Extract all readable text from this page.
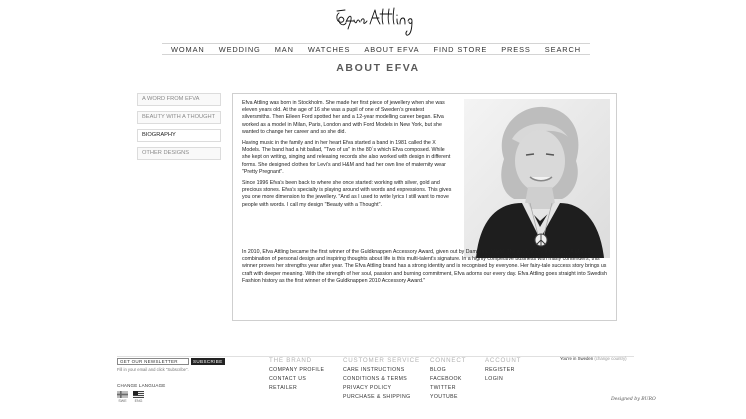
WOMAN WEDDING MAN WATCHES ABOUT EFVA FIND STORE PRESS SEARCH
ABOUT EFVA
A WORD FROM EFVA
BEAUTY WITH A THOUGHT
BIOGRAPHY
OTHER DESIGNS

Efva Attling was born in Stockholm. She made her first piece of jewellery when she was eleven years old. At the age of 16 she was a pupil of one of Sweden’s greatest silversmiths. Then Eileen Ford spotted her and a 12-year modelling career began. Efva worked as a model in Milan, Paris, London and with Ford Models in New York, but she wanted to change her career and so she did.

Having music in the family and in her heart Efva started a band in 1981 called the X Models. The band had a hit ballad, "Two of us" in the 80´s which Efva composed. While she kept on writing, singing and releasing records she also worked with design in different forms. She designed clothes for Levi’s and H&M and had her own line of maternity wear "Pretty Pregnant".

Since 1996 Efva’s been back to where she once started: working with silver, gold and precious stones. Efva’s specialty is playing around with words and expressions. This gives you one more dimension to the jewellery. "And as I used to write lyrics I still want to move people with words. I call my design "Beauty with a Thought".

In 2010, Efva Attling became the first winner of the Guldknappen Accessory Award, given out by Damernas Värld. The jury’s motivation was: "A glorious combination of personal design and inspiring thoughts about life is this multi-talent’s signature. In a highly competitive business with many contenders, this winner proves her strengths year after year. The Efva Attling brand has a strong identity and is recognised by everyone. Her fairy-tale success story brings us craft with deeper meaning. With the strength of her soul, passion and burning commitment, Efva adorns our every day. Efva Attling goes straight into Swedish Fashion history as the first winner of the Guldknappen 2010 Accessory Award."

GET OUR NEWSLETTER
SUBSCRIBE
Fill in your email and click "Subscribe".
CHANGE LANGUAGE
SWE ENG
THE BRAND
COMPANY PROFILE
CONTACT US
RETAILER
CUSTOMER SERVICE
CARE INSTRUCTIONS
CONDITIONS & TERMS
PRIVACY POLICY
PURCHASE & SHIPPING
CONNECT
BLOG
FACEBOOK
TWITTER
YOUTUBE
ACCOUNT
REGISTER
LOGIN
You're in Sweden (change country)
Designed by BURO
